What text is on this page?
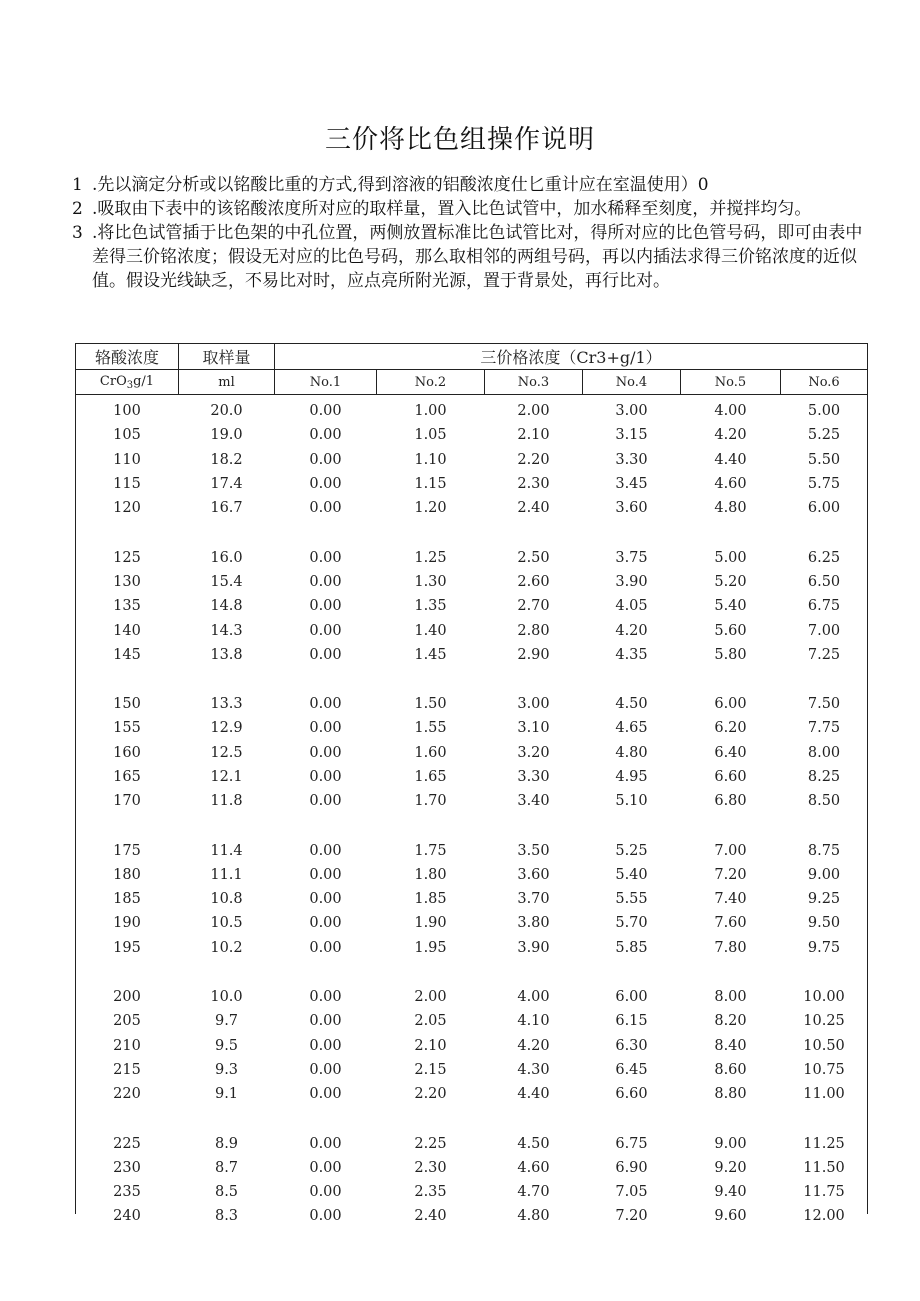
三价将比色组操作说明
1 .先以滴定分析或以铭酸比重的方式,得到溶液的铝酸浓度仕匕重计应在室温使用）0
2 .吸取由下表中的该铭酸浓度所对应的取样量，置入比色试管中，加水稀释至刻度，并搅拌均匀。
3 .将比色试管插于比色架的中孔位置，两侧放置标准比色试管比对，得所对应的比色管号码，即可由表中差得三价铭浓度；假设无对应的比色号码，那么取相邻的两组号码，再以内插法求得三价铭浓度的近似值。假设光线缺乏，不易比对时，应点亮所附光源，置于背景处，再行比对。
辂酸浓度	取样量	三价格浓度（Cr3+g/1）					
CrO$_3$g/1	ml	No.1	No.2	No.3	No.4	No.5	No.6
100	20.0	0.00	1.00	2.00	3.00	4.00	5.00
105	19.0	0.00	1.05	2.10	3.15	4.20	5.25
110	18.2	0.00	1.10	2.20	3.30	4.40	5.50
115	17.4	0.00	1.15	2.30	3.45	4.60	5.75
120	16.7	0.00	1.20	2.40	3.60	4.80	6.00

125	16.0	0.00	1.25	2.50	3.75	5.00	6.25
130	15.4	0.00	1.30	2.60	3.90	5.20	6.50
135	14.8	0.00	1.35	2.70	4.05	5.40	6.75
140	14.3	0.00	1.40	2.80	4.20	5.60	7.00
145	13.8	0.00	1.45	2.90	4.35	5.80	7.25

150	13.3	0.00	1.50	3.00	4.50	6.00	7.50
155	12.9	0.00	1.55	3.10	4.65	6.20	7.75
160	12.5	0.00	1.60	3.20	4.80	6.40	8.00
165	12.1	0.00	1.65	3.30	4.95	6.60	8.25
170	11.8	0.00	1.70	3.40	5.10	6.80	8.50

175	11.4	0.00	1.75	3.50	5.25	7.00	8.75
180	11.1	0.00	1.80	3.60	5.40	7.20	9.00
185	10.8	0.00	1.85	3.70	5.55	7.40	9.25
190	10.5	0.00	1.90	3.80	5.70	7.60	9.50
195	10.2	0.00	1.95	3.90	5.85	7.80	9.75

200	10.0	0.00	2.00	4.00	6.00	8.00	10.00
205	9.7	0.00	2.05	4.10	6.15	8.20	10.25
210	9.5	0.00	2.10	4.20	6.30	8.40	10.50
215	9.3	0.00	2.15	4.30	6.45	8.60	10.75
220	9.1	0.00	2.20	4.40	6.60	8.80	11.00

225	8.9	0.00	2.25	4.50	6.75	9.00	11.25
230	8.7	0.00	2.30	4.60	6.90	9.20	11.50
235	8.5	0.00	2.35	4.70	7.05	9.40	11.75
240	8.3	0.00	2.40	4.80	7.20	9.60	12.00
